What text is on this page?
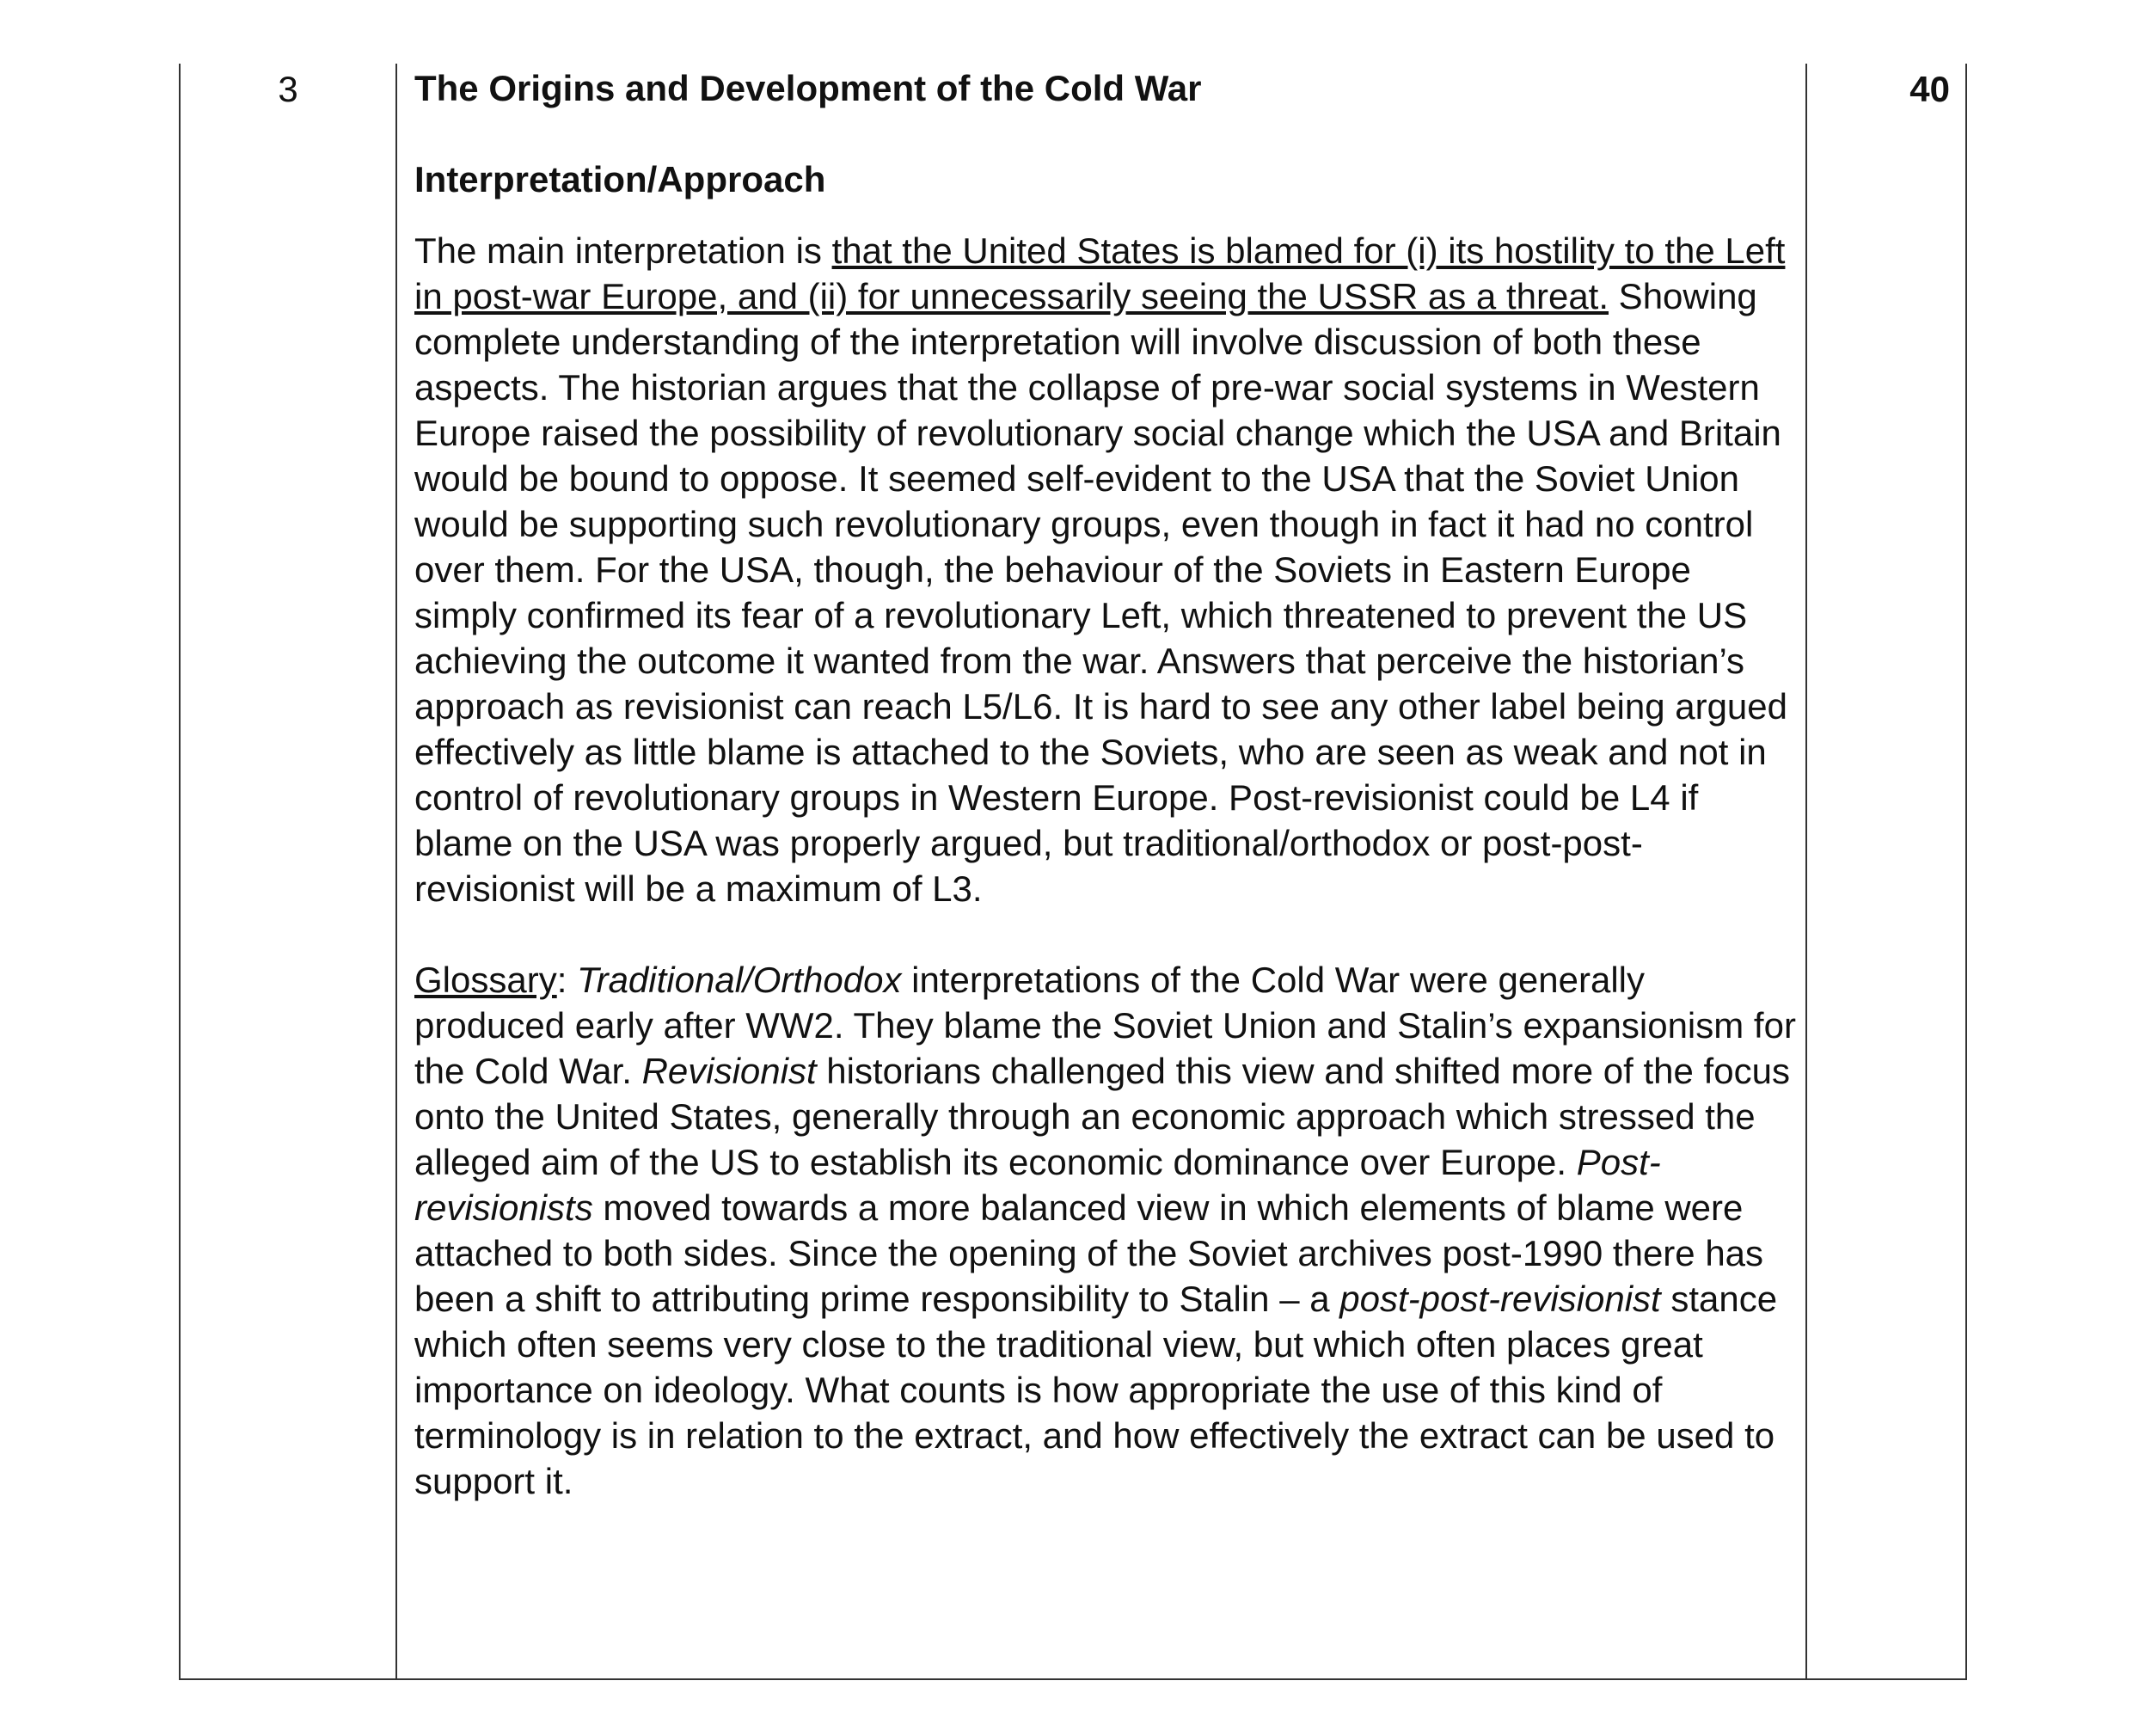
3	The Origins and Development of the Cold War

Interpretation/Approach

The main interpretation is that the United States is blamed for (i) its hostility to the Left in post-war Europe, and (ii) for unnecessarily seeing the USSR as a threat. Showing complete understanding of the interpretation will involve discussion of both these aspects. The historian argues that the collapse of pre-war social systems in Western Europe raised the possibility of revolutionary social change which the USA and Britain would be bound to oppose. It seemed self-evident to the USA that the Soviet Union would be supporting such revolutionary groups, even though in fact it had no control over them. For the USA, though, the behaviour of the Soviets in Eastern Europe simply confirmed its fear of a revolutionary Left, which threatened to prevent the US achieving the outcome it wanted from the war. Answers that perceive the historian’s approach as revisionist can reach L5/L6. It is hard to see any other label being argued effectively as little blame is attached to the Soviets, who are seen as weak and not in control of revolutionary groups in Western Europe. Post-revisionist could be L4 if blame on the USA was properly argued, but traditional/orthodox or post-post-revisionist will be a maximum of L3.

Glossary: Traditional/Orthodox interpretations of the Cold War were generally produced early after WW2. They blame the Soviet Union and Stalin’s expansionism for the Cold War. Revisionist historians challenged this view and shifted more of the focus onto the United States, generally through an economic approach which stressed the alleged aim of the US to establish its economic dominance over Europe. Post-revisionists moved towards a more balanced view in which elements of blame were attached to both sides. Since the opening of the Soviet archives post-1990 there has been a shift to attributing prime responsibility to Stalin – a post-post-revisionist stance which often seems very close to the traditional view, but which often places great importance on ideology. What counts is how appropriate the use of this kind of terminology is in relation to the extract, and how effectively the extract can be used to support it.

40
